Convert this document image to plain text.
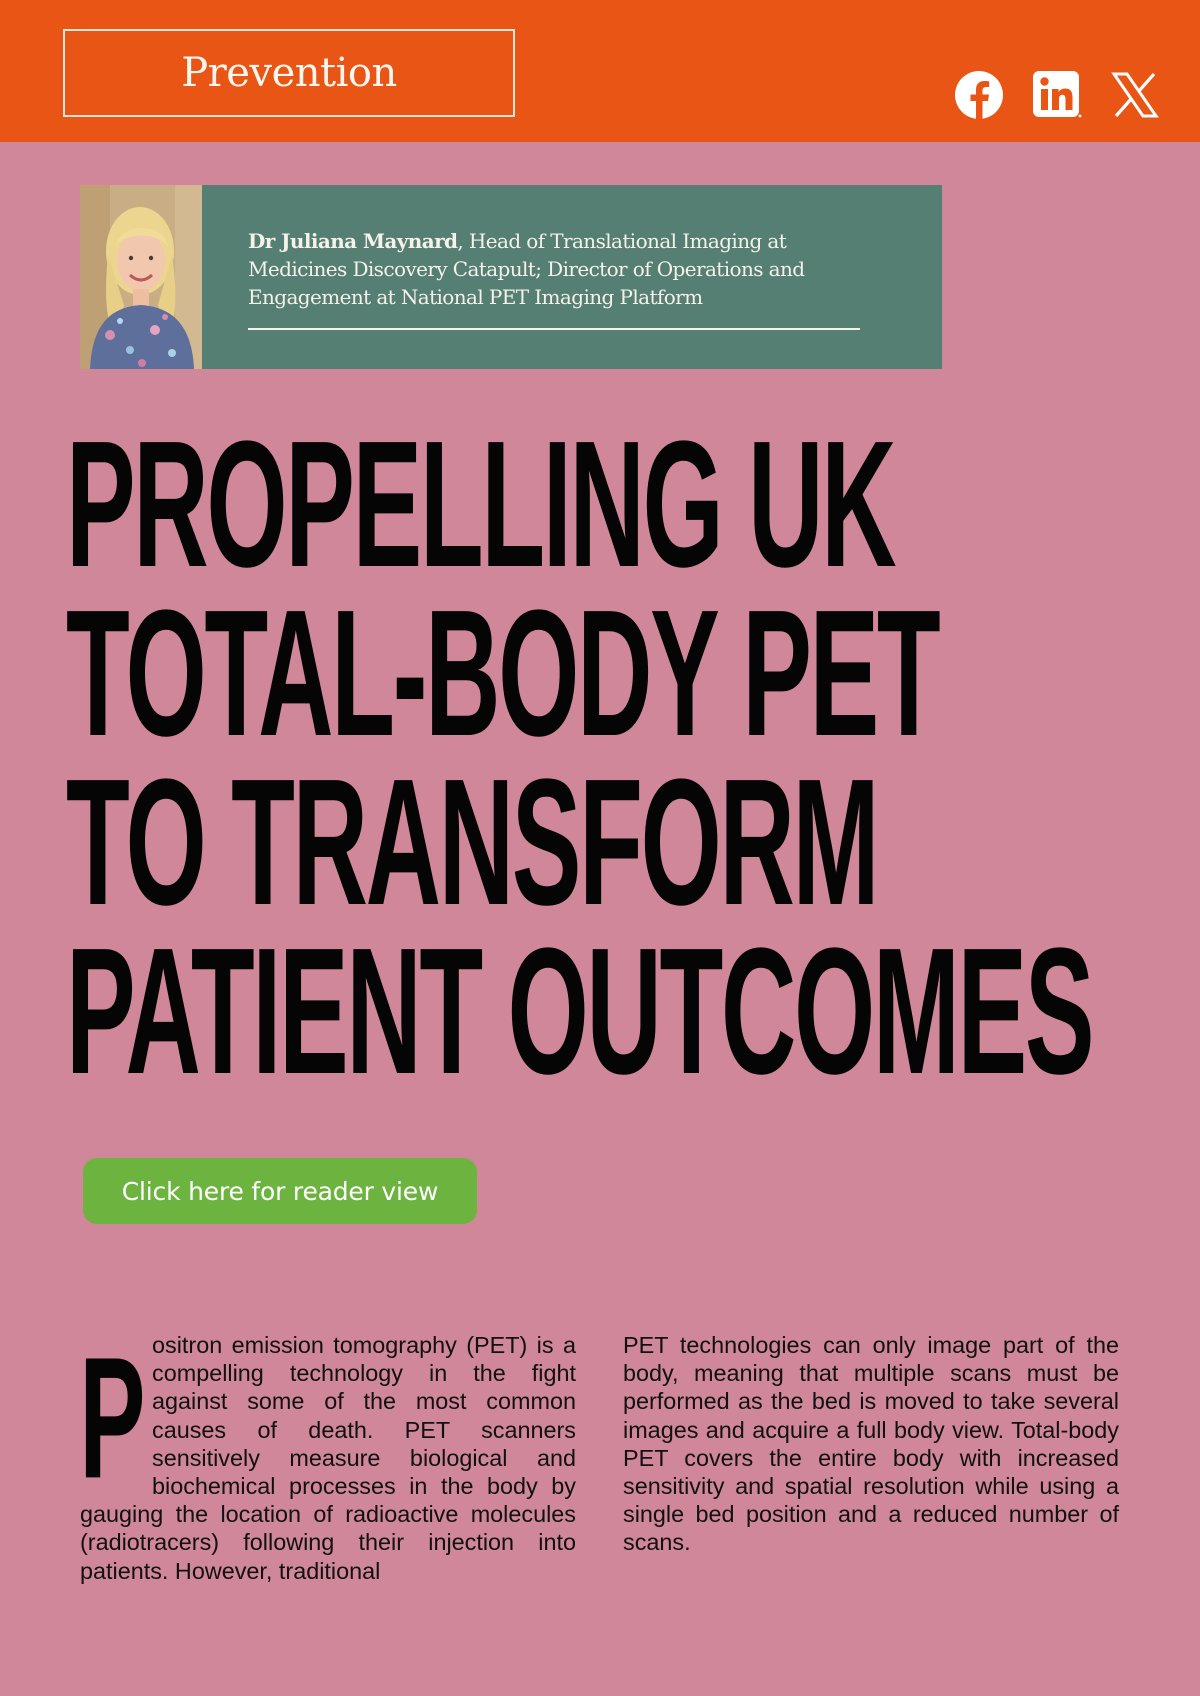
Prevention
Dr Juliana Maynard, Head of Translational Imaging at Medicines Discovery Catapult; Director of Operations and Engagement at National PET Imaging Platform
PROPELLING UK
TOTAL-BODY PET
TO TRANSFORM
PATIENT OUTCOMES
Click here for reader view
P ositron emission tomography (PET) is a compelling technology in the fight against some of the most common causes of death. PET scanners sensitively measure biological and biochemical processes in the body by gauging the location of radioactive molecules (radiotracers) following their injection into patients. However, traditional
PET technologies can only image part of the body, meaning that multiple scans must be performed as the bed is moved to take several images and acquire a full body view. Total-body PET covers the entire body with increased sensitivity and spatial resolution while using a single bed position and a reduced number of scans.
